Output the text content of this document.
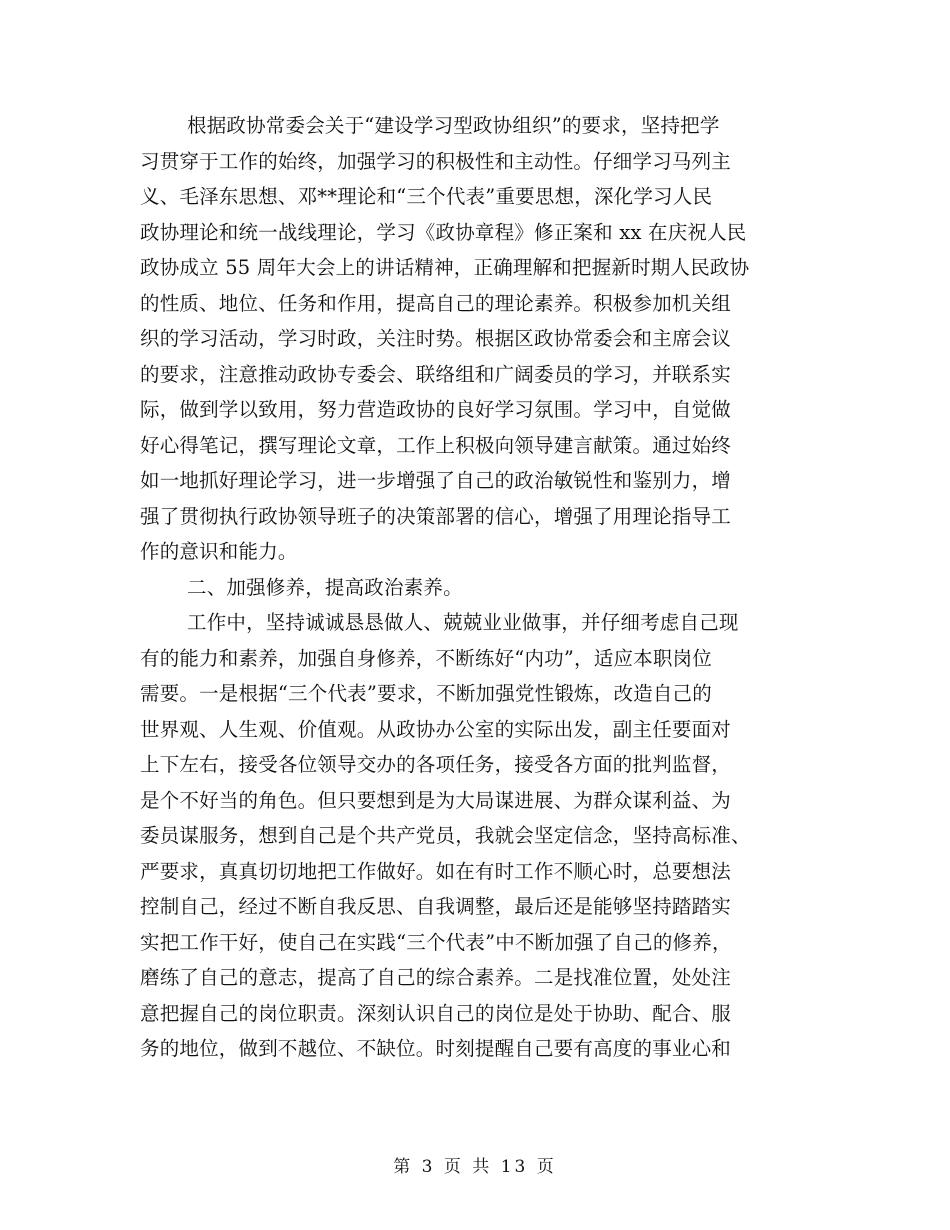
根据政协常委会关于“建设学习型政协组织”的要求，坚持把学
习贯穿于工作的始终，加强学习的积极性和主动性。仔细学习马列主
义、毛泽东思想、邓**理论和“三个代表”重要思想，深化学习人民
政协理论和统一战线理论，学习《政协章程》修正案和 xx 在庆祝人民
政协成立 55 周年大会上的讲话精神，正确理解和把握新时期人民政协
的性质、地位、任务和作用，提高自己的理论素养。积极参加机关组
织的学习活动，学习时政，关注时势。根据区政协常委会和主席会议
的要求，注意推动政协专委会、联络组和广阔委员的学习，并联系实
际，做到学以致用，努力营造政协的良好学习氛围。学习中，自觉做
好心得笔记，撰写理论文章，工作上积极向领导建言献策。通过始终
如一地抓好理论学习，进一步增强了自己的政治敏锐性和鉴别力，增
强了贯彻执行政协领导班子的决策部署的信心，增强了用理论指导工
作的意识和能力。
二、加强修养，提高政治素养。
工作中，坚持诚诚恳恳做人、兢兢业业做事，并仔细考虑自己现
有的能力和素养，加强自身修养，不断练好“内功”，适应本职岗位
需要。一是根据“三个代表”要求，不断加强党性锻炼，改造自己的
世界观、人生观、价值观。从政协办公室的实际出发，副主任要面对
上下左右，接受各位领导交办的各项任务，接受各方面的批判监督，
是个不好当的角色。但只要想到是为大局谋进展、为群众谋利益、为
委员谋服务，想到自己是个共产党员，我就会坚定信念，坚持高标准、
严要求，真真切切地把工作做好。如在有时工作不顺心时，总要想法
控制自己，经过不断自我反思、自我调整，最后还是能够坚持踏踏实
实把工作干好，使自己在实践“三个代表”中不断加强了自己的修养，
磨练了自己的意志，提高了自己的综合素养。二是找准位置，处处注
意把握自己的岗位职责。深刻认识自己的岗位是处于协助、配合、服
务的地位，做到不越位、不缺位。时刻提醒自己要有高度的事业心和
第 3 页 共 13 页
